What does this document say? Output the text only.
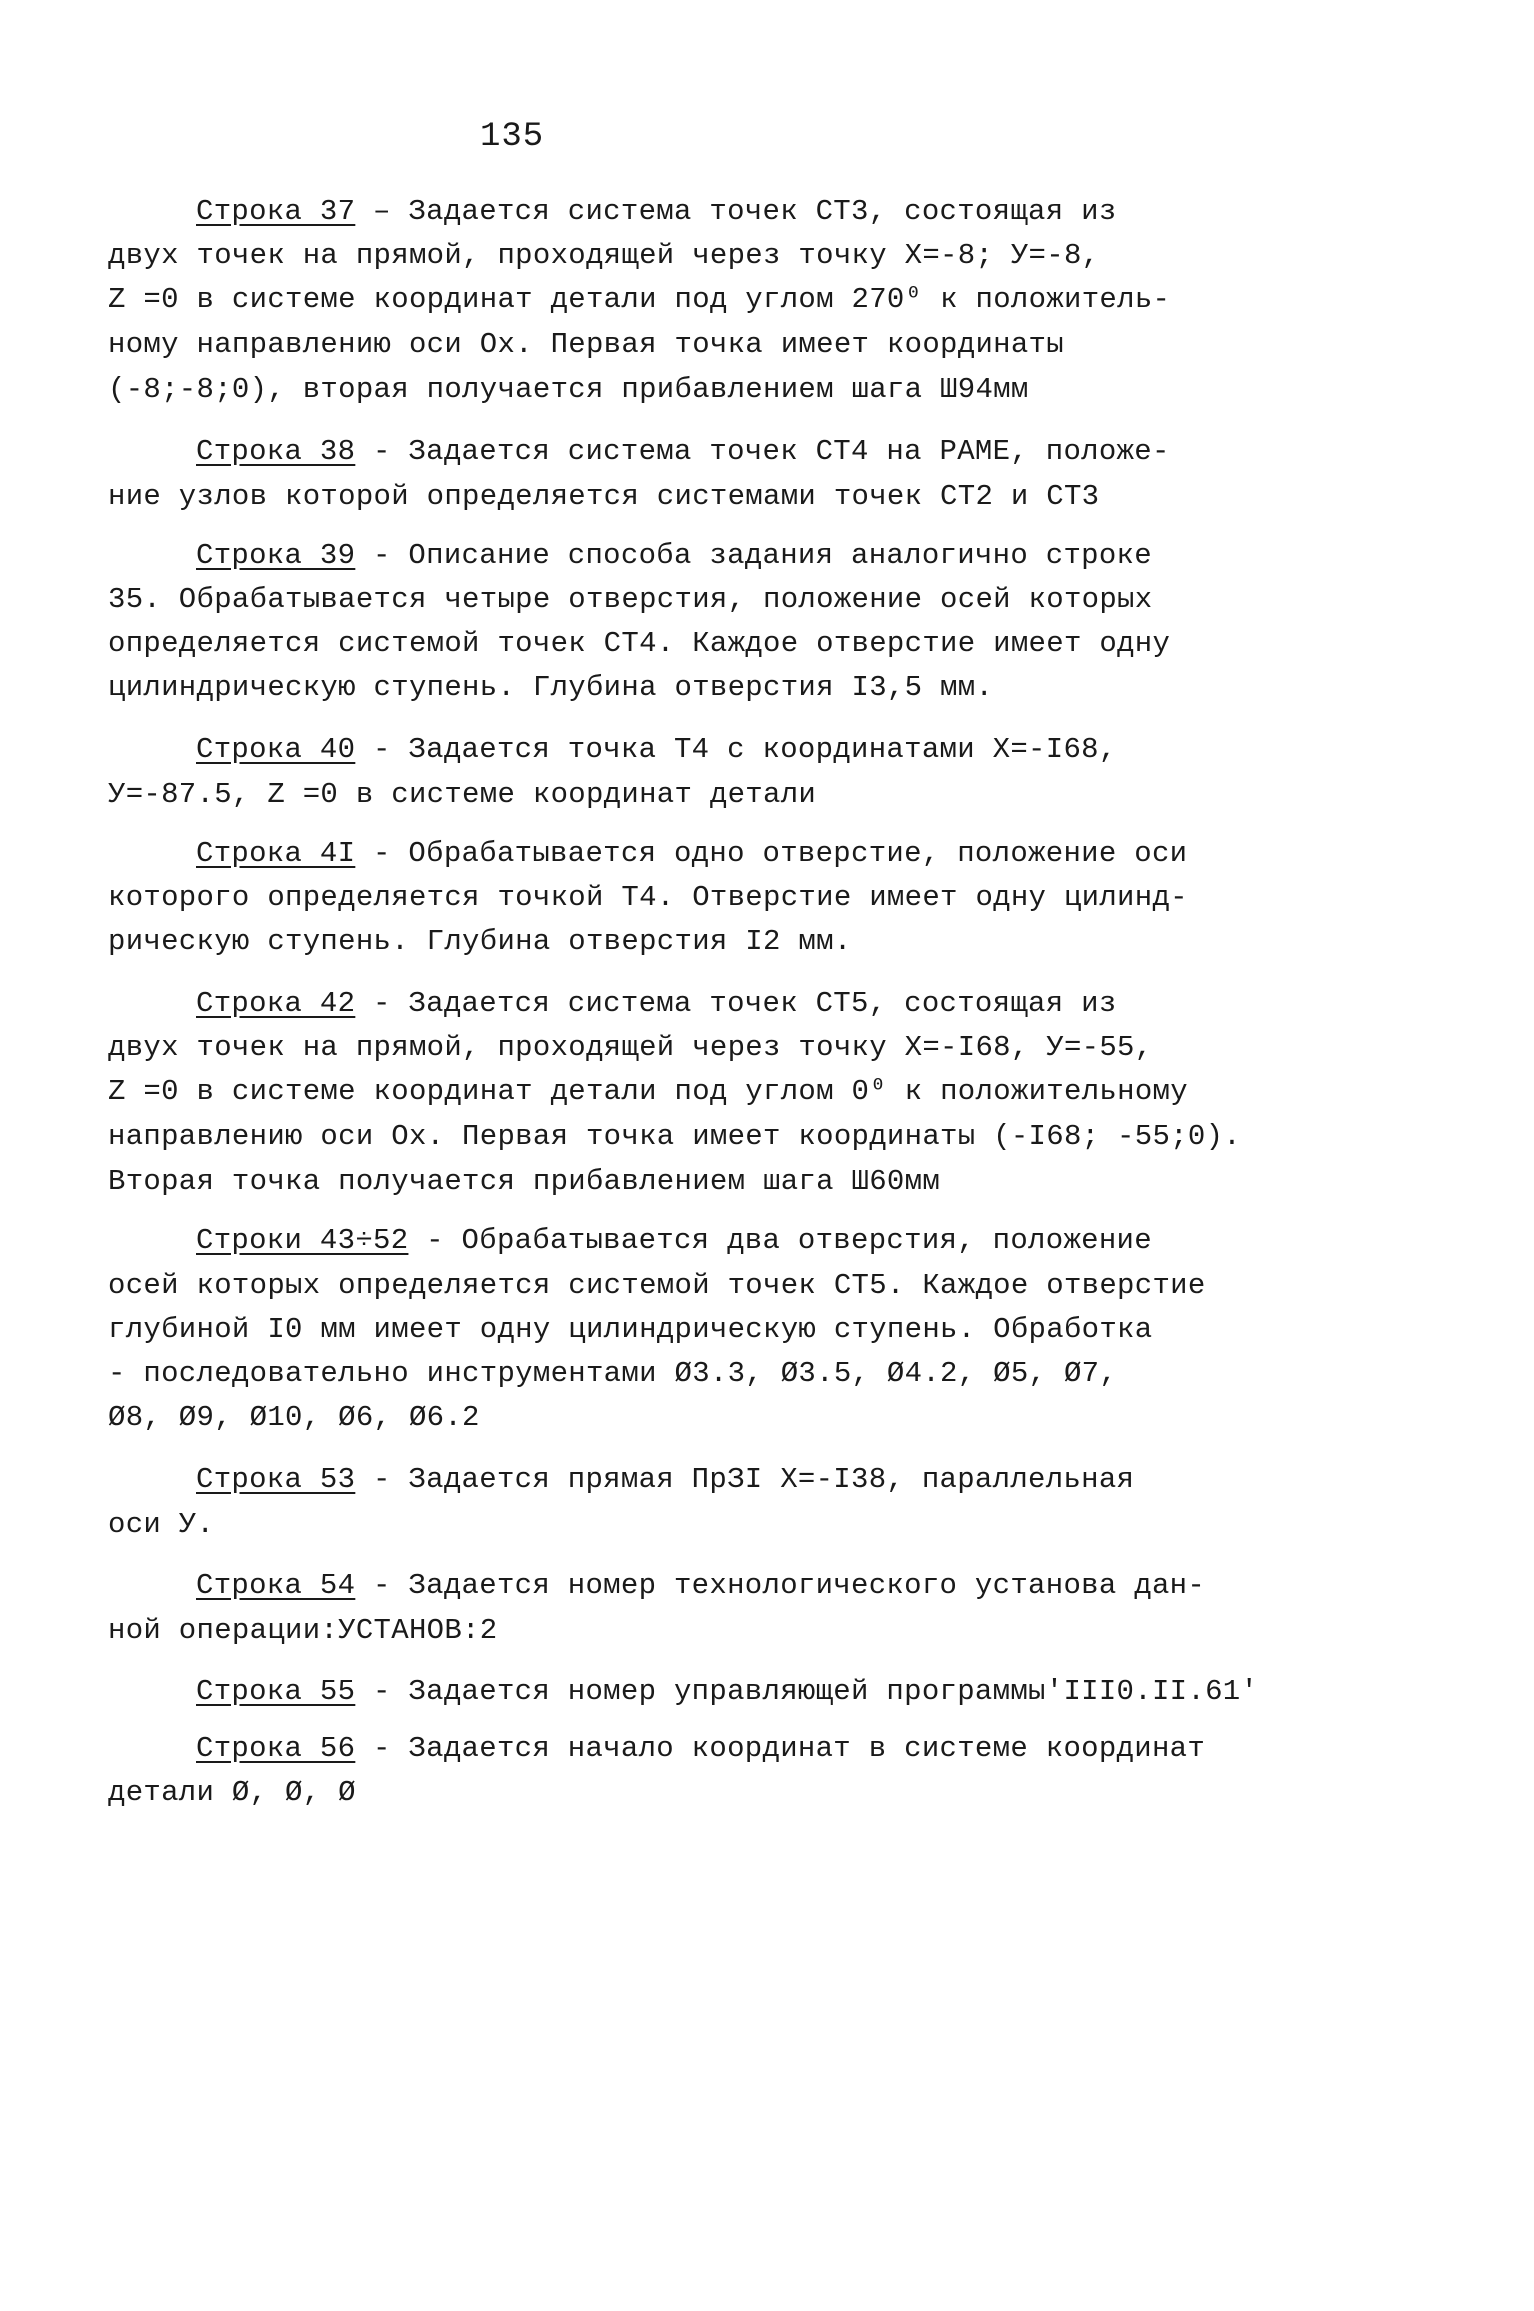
135
Строка 37 – Задается система точек СТ3, состоящая из
двух точек на прямой, проходящей через точку X=-8; У=-8,
Z =0 в системе координат детали под углом 270⁰ к положитель-
ному направлению оси Ox. Первая точка имеет координаты
(-8;-8;0), вторая получается прибавлением шага Ш94мм
Строка 38 - Задается система точек СТ4 на РАМЕ, положе-
ние узлов которой определяется системами точек СТ2 и СТ3
Строка 39 - Описание способа задания аналогично строке
35. Обрабатывается четыре отверстия, положение осей которых
определяется системой точек СТ4. Каждое отверстие имеет одну
цилиндрическую ступень. Глубина отверстия I3,5 мм.
Строка 40 - Задается точка Т4 с координатами X=-I68,
У=-87.5, Z =0 в системе координат детали
Строка 4I - Обрабатывается одно отверстие, положение оси
которого определяется точкой Т4. Отверстие имеет одну цилинд-
рическую ступень. Глубина отверстия I2 мм.
Строка 42 - Задается система точек СТ5, состоящая из
двух точек на прямой, проходящей через точку X=-I68, У=-55,
Z =0 в системе координат детали под углом 0⁰ к положительному
направлению оси Ox. Первая точка имеет координаты (-I68; -55;0).
Вторая точка получается прибавлением шага Ш60мм
Строки 43÷52 - Обрабатывается два отверстия, положение
осей которых определяется системой точек СТ5. Каждое отверстие
глубиной I0 мм имеет одну цилиндрическую ступень. Обработка
- последовательно инструментами Ø3.3, Ø3.5, Ø4.2, Ø5, Ø7,
Ø8, Ø9, Ø10, Ø6, Ø6.2
Строка 53 - Задается прямая ПрЗI X=-I38, параллельная
оси У.
Строка 54 - Задается номер технологического установа дан-
ной операции:УСТАНОВ:2
Строка 55 - Задается номер управляющей программы'III0.II.61'
Строка 56 - Задается начало координат в системе координат
детали Ø, Ø, Ø
